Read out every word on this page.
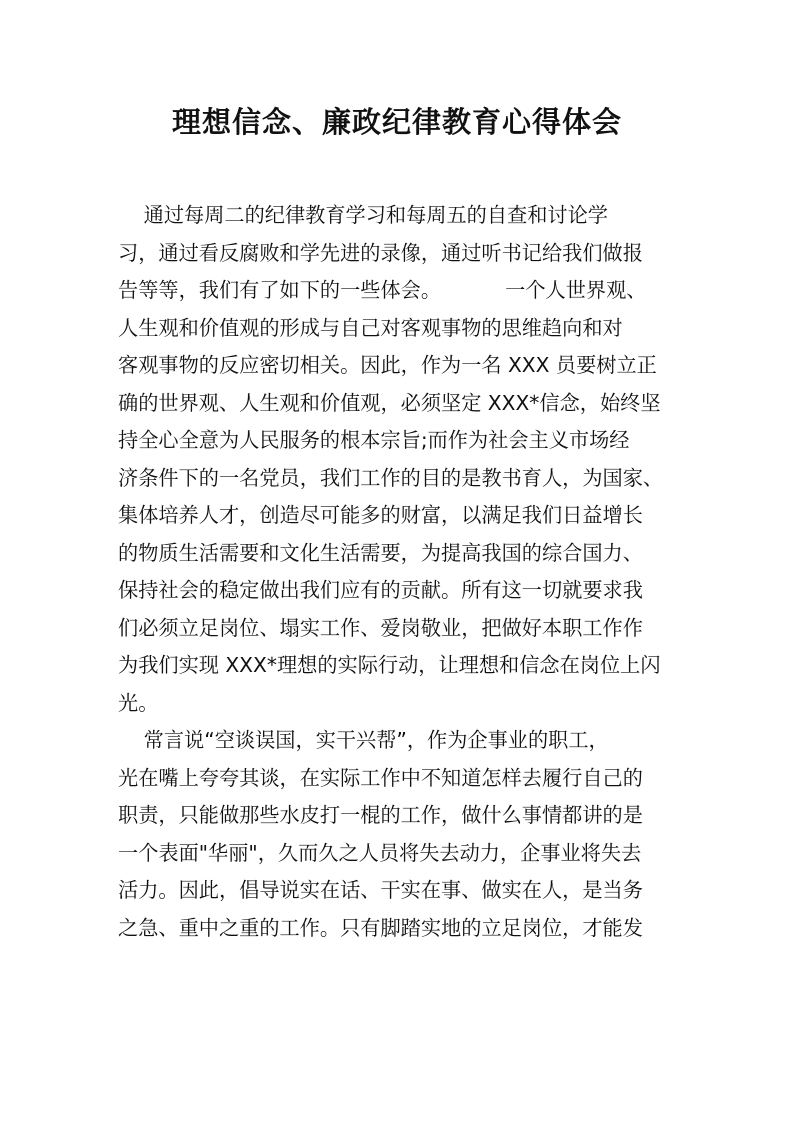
理想信念、廉政纪律教育心得体会
通过每周二的纪律教育学习和每周五的自查和讨论学
习，通过看反腐败和学先进的录像，通过听书记给我们做报
告等等，我们有了如下的一些体会。          一个人世界观、
人生观和价值观的形成与自己对客观事物的思维趋向和对
客观事物的反应密切相关。因此，作为一名 XXX 员要树立正
确的世界观、人生观和价值观，必须坚定 XXX*信念，始终坚
持全心全意为人民服务的根本宗旨;而作为社会主义市场经
济条件下的一名党员，我们工作的目的是教书育人，为国家、
集体培养人才，创造尽可能多的财富，以满足我们日益增长
的物质生活需要和文化生活需要，为提高我国的综合国力、
保持社会的稳定做出我们应有的贡献。所有这一切就要求我
们必须立足岗位、塌实工作、爱岗敬业，把做好本职工作作
为我们实现 XXX*理想的实际行动，让理想和信念在岗位上闪
光。
常言说“空谈误国，实干兴帮”，作为企事业的职工，
光在嘴上夸夸其谈，在实际工作中不知道怎样去履行自己的
职责，只能做那些水皮打一棍的工作，做什么事情都讲的是
一个表面"华丽"，久而久之人员将失去动力，企事业将失去
活力。因此，倡导说实在话、干实在事、做实在人，是当务
之急、重中之重的工作。只有脚踏实地的立足岗位，才能发
